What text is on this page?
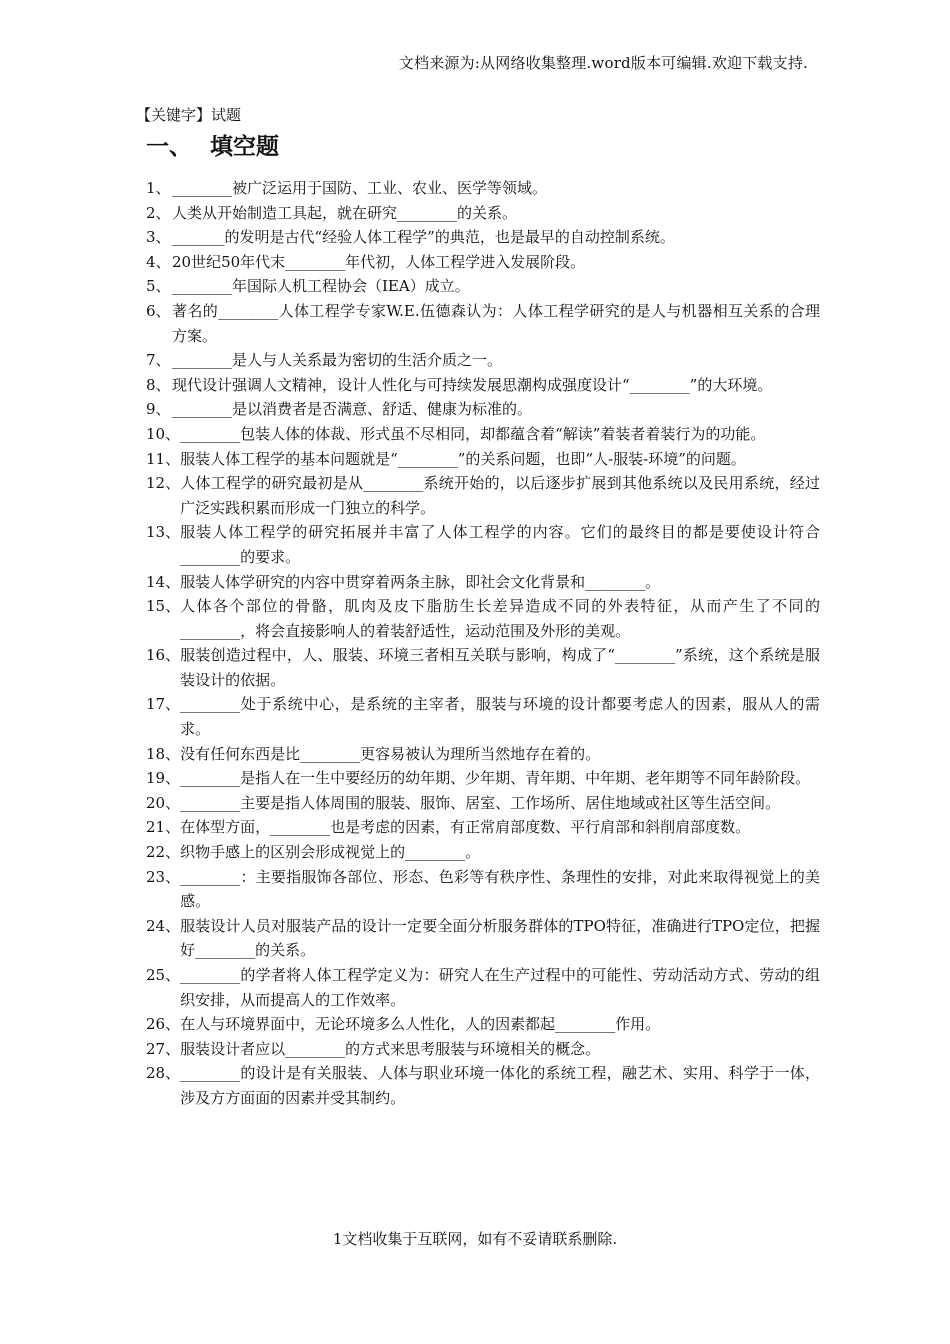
文档来源为:从网络收集整理.word版本可编辑.欢迎下载支持.
【关键字】试题
一、 填空题
1、 ________被广泛运用于国防、工业、农业、医学等领域。
2、 人类从开始制造工具起，就在研究________的关系。
3、 _______的发明是古代“经验人体工程学”的典范，也是最早的自动控制系统。
4、 20世纪50年代末________年代初，人体工程学进入发展阶段。
5、 ________年国际人机工程协会（IEA）成立。
6、 著名的________人体工程学专家W.E.伍德森认为：人体工程学研究的是人与机器相互关系的合理方案。
7、 ________是人与人关系最为密切的生活介质之一。
8、 现代设计强调人文精神，设计人性化与可持续发展思潮构成强度设计“________”的大环境。
9、 ________是以消费者是否满意、舒适、健康为标准的。
10、 ________包装人体的体裁、形式虽不尽相同，却都蕴含着“解读”着装者着装行为的功能。
11、 服装人体工程学的基本问题就是“________”的关系问题，也即“人-服装-环境”的问题。
12、 人体工程学的研究最初是从________系统开始的，以后逐步扩展到其他系统以及民用系统，经过广泛实践积累而形成一门独立的科学。
13、 服装人体工程学的研究拓展并丰富了人体工程学的内容。它们的最终目的都是要使设计符合________的要求。
14、 服装人体学研究的内容中贯穿着两条主脉，即社会文化背景和________。
15、 人体各个部位的骨骼，肌肉及皮下脂肪生长差异造成不同的外表特征，从而产生了不同的________，将会直接影响人的着装舒适性，运动范围及外形的美观。
16、 服装创造过程中，人、服装、环境三者相互关联与影响，构成了“________”系统，这个系统是服装设计的依据。
17、 ________处于系统中心，是系统的主宰者，服装与环境的设计都要考虑人的因素，服从人的需求。
18、 没有任何东西是比________更容易被认为理所当然地存在着的。
19、 ________是指人在一生中要经历的幼年期、少年期、青年期、中年期、老年期等不同年龄阶段。
20、 ________主要是指人体周围的服装、服饰、居室、工作场所、居住地域或社区等生活空间。
21、 在体型方面，________也是考虑的因素，有正常肩部度数、平行肩部和斜削肩部度数。
22、 织物手感上的区别会形成视觉上的________。
23、 ________：主要指服饰各部位、形态、色彩等有秩序性、条理性的安排，对此来取得视觉上的美感。
24、 服装设计人员对服装产品的设计一定要全面分析服务群体的TPO特征，准确进行TPO定位，把握好________的关系。
25、 ________的学者将人体工程学定义为：研究人在生产过程中的可能性、劳动活动方式、劳动的组织安排，从而提高人的工作效率。
26、 在人与环境界面中，无论环境多么人性化，人的因素都起________作用。
27、 服装设计者应以________的方式来思考服装与环境相关的概念。
28、 ________的设计是有关服装、人体与职业环境一体化的系统工程，融艺术、实用、科学于一体，涉及方方面面的因素并受其制约。
1文档收集于互联网，如有不妥请联系删除.
